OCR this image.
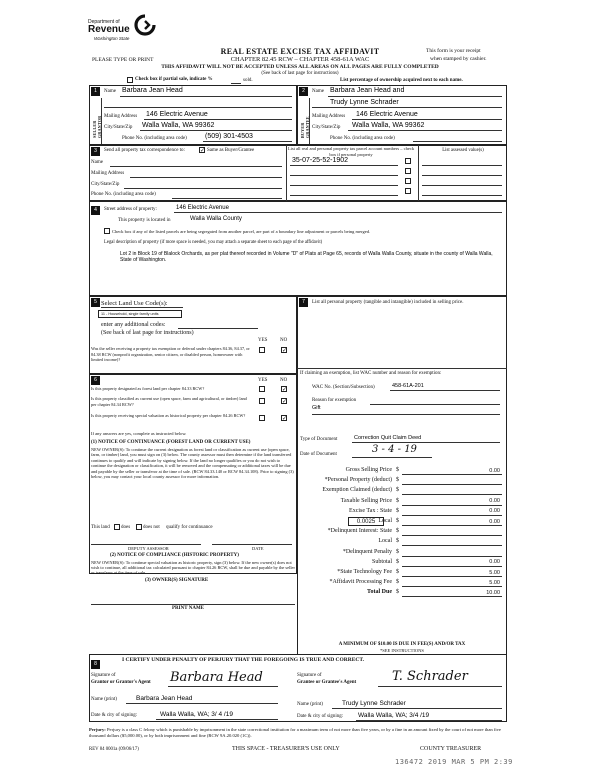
Department of
Revenue
Washington State
REAL ESTATE EXCISE TAX AFFIDAVIT
CHAPTER 82.45 RCW – CHAPTER 458-61A WAC
THIS AFFIDAVIT WILL NOT BE ACCEPTED UNLESS ALL AREAS ON ALL PAGES ARE FULLY COMPLETED
PLEASE TYPE OR PRINT
This form is your receipt
when stamped by cashier.
(See back of last page for instructions)
Check box if partial sale, indicate %	sold.	List percentage of ownership acquired next to each name.
1	2
SELLER GRANTOR	BUYER GRANTEE
Name Barbara Jean Head
Mailing Address 146 Electric Avenue
City/State/Zip Walla Walla, WA 99362
Phone No. (including area code)	(509) 301-4503
Name Barbara Jean Head and
Trudy Lynne Schrader
Mailing Address 146 Electric Avenue
City/State/Zip Walla Walla, WA 99362
Phone No. (including area code)
3	Send all property tax correspondence to:	✓ Same as Buyer/Grantee
Name
Mailing Address
City/State/Zip
Phone No. (including area code)
List all real and personal property tax parcel account numbers – check box if personal property
List assessed value(s)
35-07-25-52-1902
4	Street address of property:	146 Electric Avenue
This property is located in	Walla Walla County
Check box if any of the listed parcels are being segregated from another parcel, are part of a boundary line adjustment or parcels being merged.
Legal description of property (if more space is needed, you may attach a separate sheet to each page of the affidavit)
Lot 2 in Block 19 of Blalock Orchards, as per plat thereof recorded in Volume "D" of Plats at Page 65, records of Walla Walla County, situate in the county of Walla Walla, State of Washington.
5 Select Land Use Code(s):
11 - Household, single family units
enter any additional codes:
(See back of last page for instructions)
YES	NO
Was the seller receiving a property tax exemption or deferral under chapters 84.36, 84.37, or 84.38 RCW (nonprofit organization, senior citizen, or disabled person, homeowner with limited income)?
✓
6	YES	NO
Is this property designated as forest land per chapter 84.33 RCW?	✓
Is this property classified as current use (open space, farm and agricultural, or timber) land per chapter 84.34 RCW?	✓
Is this property receiving special valuation as historical property per chapter 84.26 RCW?	✓
If any answers are yes, complete as instructed below.
(1) NOTICE OF CONTINUANCE (FOREST LAND OR CURRENT USE)
NEW OWNER(S): To continue the current designation as forest land or classification as current use (open space, farm, or timber) land, you must sign on (3) below. The county assessor must then determine if the land transferred continues to qualify and will indicate by signing below. If the land no longer qualifies or you do not wish to continue the designation or classification, it will be removed and the compensating or additional taxes will be due and payable by the seller or transferor at the time of sale. (RCW 84.33.140 or RCW 84.34.108). Prior to signing (3) below, you may contact your local county assessor for more information.
This land does	does not qualify for continuance
DEPUTY ASSESSOR	DATE
(2) NOTICE OF COMPLIANCE (HISTORIC PROPERTY)
NEW OWNER(S): To continue special valuation as historic property, sign (3) below. If the new owner(s) does not wish to continue, all additional tax calculated pursuant to chapter 84.26 RCW, shall be due and payable by the seller or transferor at the time of sale.
(3) OWNER(S) SIGNATURE
PRINT NAME
7	List all personal property (tangible and intangible) included in selling price.
If claiming an exemption, list WAC number and reason for exemption:
WAC No. (Section/Subsection)	458-61A-201
Reason for exemption
Gift
Type of Document	Correction Quit Claim Deed
Date of Document	3 - 4 - 19
Gross Selling Price $	0.00
*Personal Property (deduct) $
Exemption Claimed (deduct) $
Taxable Selling Price $	0.00
Excise Tax : State $	0.00
Local $	0.00
*Delinquent Interest: State $
Local $
*Delinquent Penalty $
Subtotal $	0.00
*State Technology Fee $	5.00
*Affidavit Processing Fee $	5.00
Total Due $	10.00
0.0025
A MINIMUM OF $10.00 IS DUE IN FEE(S) AND/OR TAX
*SEE INSTRUCTIONS
8
I CERTIFY UNDER PENALTY OF PERJURY THAT THE FOREGOING IS TRUE AND CORRECT.
Signature of
Grantor or Grantor's Agent Barbara Head	Signature of
Grantee or Grantee's Agent	T. Schrader
Name (print)	Barbara Jean Head
Name (print)	Trudy Lynne Schrader
Date & city of signing:	Walla Walla, WA; 3/ 4 /19	Date & city of signing: Walla Walla, WA; 3/4 /19
Perjury: Perjury is a class C felony which is punishable by imprisonment in the state correctional institution for a maximum term of not more than five years, or by a fine in an amount fixed by the court of not more than five thousand dollars ($5,000.00), or by both imprisonment and fine (RCW 9A.20.020 (1C)).
REV 84 0001a (09/06/17)	THIS SPACE - TREASURER'S USE ONLY	COUNTY TREASURER
136472 2019 MAR 5 PM 2:39
